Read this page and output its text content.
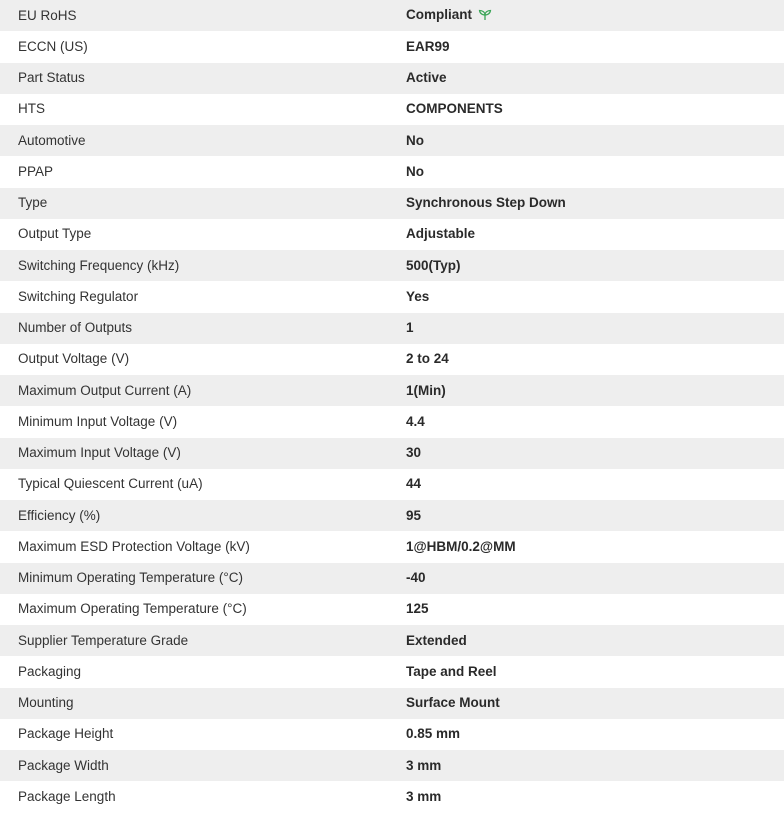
EU RoHS	Compliant
ECCN (US)	EAR99
Part Status	Active
HTS	COMPONENTS
Automotive	No
PPAP	No
Type	Synchronous Step Down
Output Type	Adjustable
Switching Frequency (kHz)	500(Typ)
Switching Regulator	Yes
Number of Outputs	1
Output Voltage (V)	2 to 24
Maximum Output Current (A)	1(Min)
Minimum Input Voltage (V)	4.4
Maximum Input Voltage (V)	30
Typical Quiescent Current (uA)	44
Efficiency (%)	95
Maximum ESD Protection Voltage (kV)	1@HBM/0.2@MM
Minimum Operating Temperature (°C)	-40
Maximum Operating Temperature (°C)	125
Supplier Temperature Grade	Extended
Packaging	Tape and Reel
Mounting	Surface Mount
Package Height	0.85 mm
Package Width	3 mm
Package Length	3 mm
